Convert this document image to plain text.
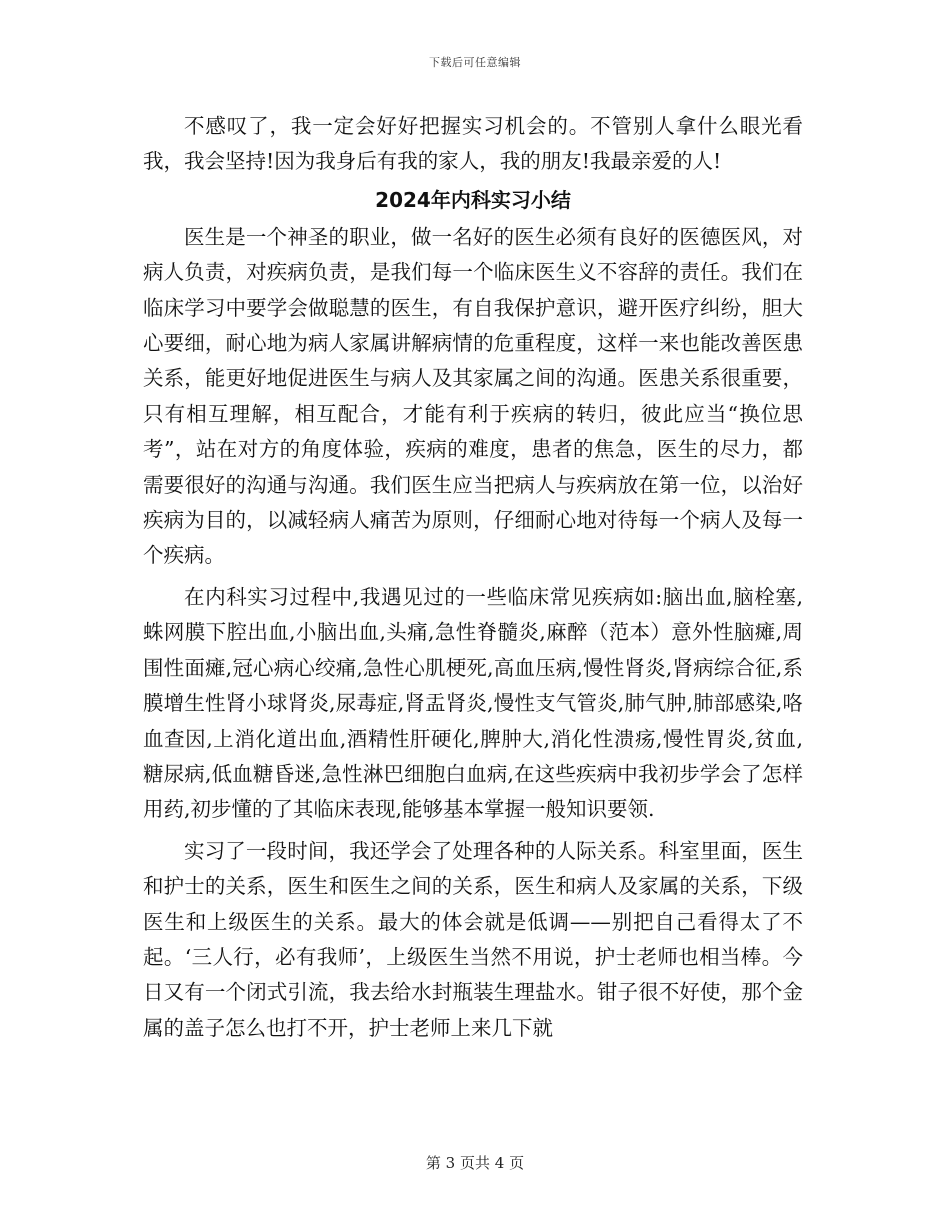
下载后可任意编辑

不感叹了，我一定会好好把握实习机会的。不管别人拿什么眼光看我，我会坚持!因为我身后有我的家人，我的朋友!我最亲爱的人!

2024年内科实习小结

医生是一个神圣的职业，做一名好的医生必须有良好的医德医风，对病人负责，对疾病负责，是我们每一个临床医生义不容辞的责任。我们在临床学习中要学会做聪慧的医生，有自我保护意识，避开医疗纠纷，胆大心要细，耐心地为病人家属讲解病情的危重程度，这样一来也能改善医患关系，能更好地促进医生与病人及其家属之间的沟通。医患关系很重要，只有相互理解，相互配合，才能有利于疾病的转归，彼此应当“换位思考”，站在对方的角度体验，疾病的难度，患者的焦急，医生的尽力，都需要很好的沟通与沟通。我们医生应当把病人与疾病放在第一位，以治好疾病为目的，以减轻病人痛苦为原则，仔细耐心地对待每一个病人及每一个疾病。

在内科实习过程中,我遇见过的一些临床常见疾病如:脑出血,脑栓塞,蛛网膜下腔出血,小脑出血,头痛,急性脊髓炎,麻醉（范本）意外性脑瘫,周围性面瘫,冠心病心绞痛,急性心肌梗死,高血压病,慢性肾炎,肾病综合征,系膜增生性肾小球肾炎,尿毒症,肾盂肾炎,慢性支气管炎,肺气肿,肺部感染,咯血查因,上消化道出血,酒精性肝硬化,脾肿大,消化性溃疡,慢性胃炎,贫血,糖尿病,低血糖昏迷,急性淋巴细胞白血病,在这些疾病中我初步学会了怎样用药,初步懂的了其临床表现,能够基本掌握一般知识要领.

实习了一段时间，我还学会了处理各种的人际关系。科室里面，医生和护士的关系，医生和医生之间的关系，医生和病人及家属的关系，下级医生和上级医生的关系。最大的体会就是低调——别把自己看得太了不起。‘三人行，必有我师’，上级医生当然不用说，护士老师也相当棒。今日又有一个闭式引流，我去给水封瓶装生理盐水。钳子很不好使，那个金属的盖子怎么也打不开，护士老师上来几下就

第 3 页共 4 页
